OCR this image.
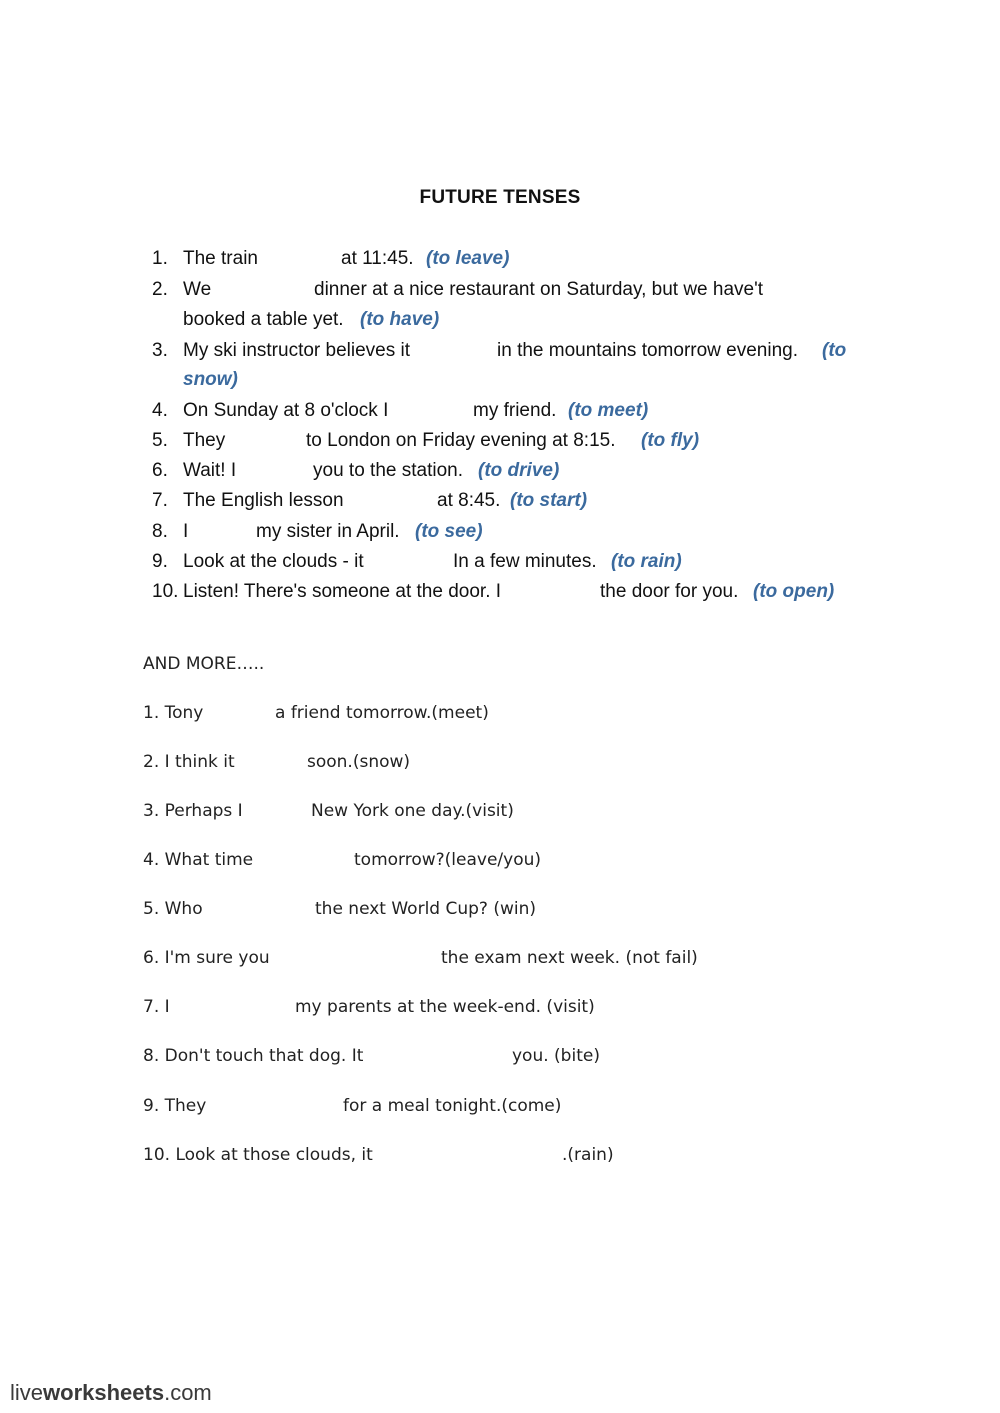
FUTURE TENSES
1. The train	at 11:45. (to leave)
2. We	dinner at a nice restaurant on Saturday, but we have't
booked a table yet. (to have)
3. My ski instructor believes it	in the mountains tomorrow evening. (to
snow)
4. On Sunday at 8 o'clock I	my friend. (to meet)
5. They	to London on Friday evening at 8:15. (to fly)
6. Wait! I	you to the station. (to drive)
7. The English lesson	at 8:45. (to start)
8. I	my sister in April. (to see)
9. Look at the clouds - it	In a few minutes. (to rain)
10. Listen! There's someone at the door. I	the door for you. (to open)
AND MORE…..
1. Tony	a friend tomorrow.(meet)
2. I think it	soon.(snow)
3. Perhaps I	New York one day.(visit)
4. What time	tomorrow?(leave/you)
5. Who	the next World Cup? (win)
6. I'm sure you	the exam next week. (not fail)
7. I	my parents at the week-end. (visit)
8. Don't touch that dog. It	you. (bite)
9. They	for a meal tonight.(come)
10. Look at those clouds, it	.(rain)
liveworksheets.com
